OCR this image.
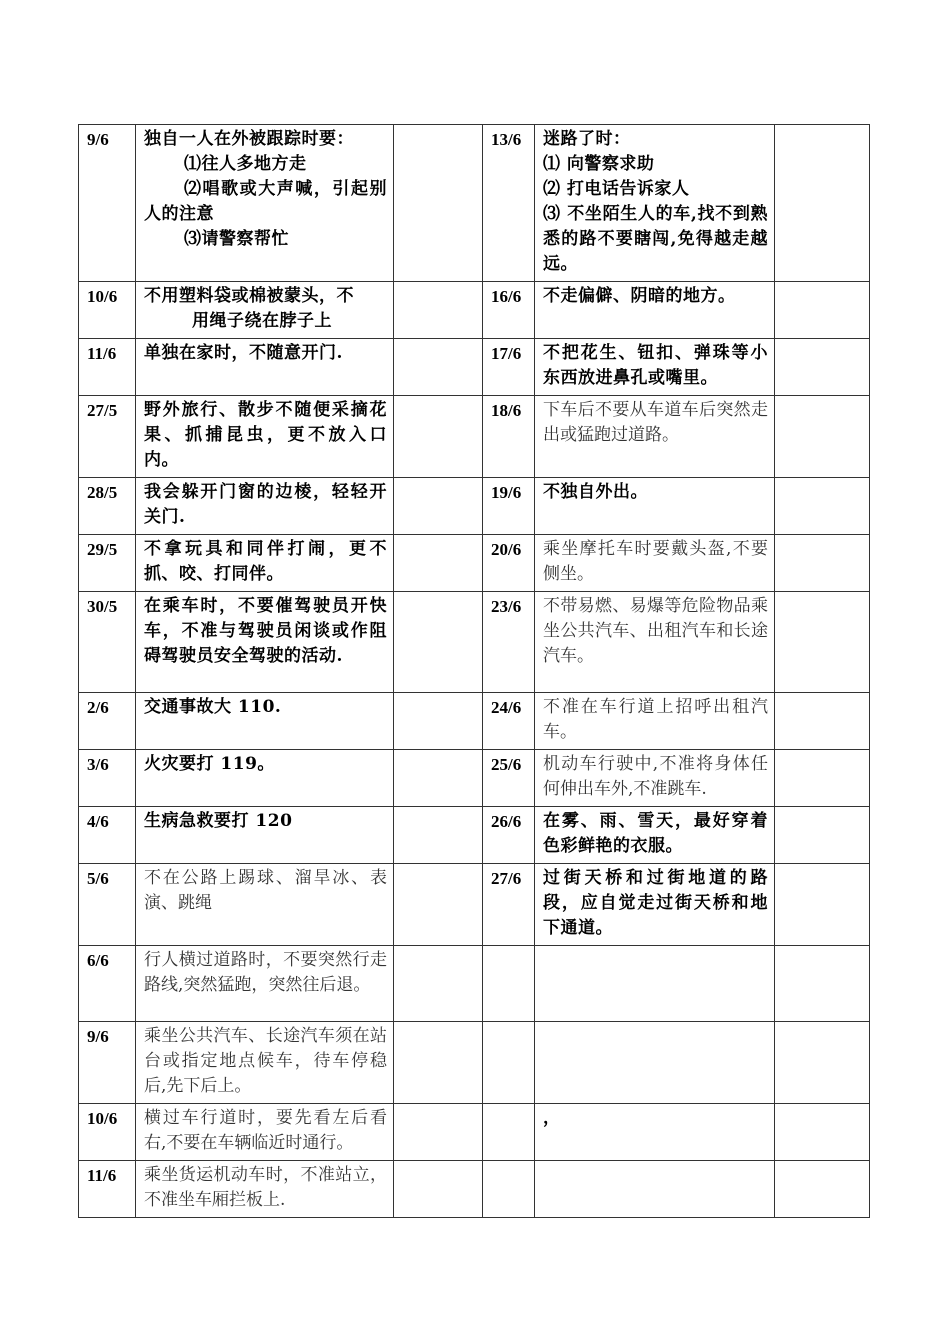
9/6	独自一人在外被跟踪时要：
⑴往人多地方走
⑵唱歌或大声喊，引起别人的注意
⑶请警察帮忙		13/6	迷路了时：
⑴ 向警察求助
⑵ 打电话告诉家人
⑶ 不坐陌生人的车,找不到熟悉的路不要瞎闯,免得越走越远。	

10/6	不用塑料袋或棉被蒙头，不
用绳子绕在脖子上		16/6	不走偏僻、阴暗的地方。	
11/6	单独在家时，不随意开门.		17/6	不把花生、钮扣、弹珠等小东西放进鼻孔或嘴里。	
27/5	野外旅行、散步不随便采摘花果、抓捕昆虫，更不放入口内。		18/6	下车后不要从车道车后突然走出或猛跑过道路。	
28/5	我会躲开门窗的边棱，轻轻开关门.		19/6	不独自外出。	
29/5	不拿玩具和同伴打闹，更不抓、咬、打同伴。		20/6	乘坐摩托车时要戴头盔,不要侧坐。	
30/5	在乘车时，不要催驾驶员开快车，不准与驾驶员闲谈或作阻碍驾驶员安全驾驶的活动.		23/6	不带易燃、易爆等危险物品乘坐公共汽车、出租汽车和长途汽车。	
2/6	交通事故大 110.		24/6	不准在车行道上招呼出租汽车。	
3/6	火灾要打 119。		25/6	机动车行驶中,不准将身体任何伸出车外,不准跳车.	
4/6	生病急救要打 120		26/6	在雾、雨、雪天，最好穿着色彩鲜艳的衣服。	
5/6	不在公路上踢球、溜旱冰、表演、跳绳		27/6	过街天桥和过街地道的路段，应自觉走过街天桥和地下通道。	
6/6	行人横过道路时，不要突然行走路线,突然猛跑，突然往后退。				
9/6	乘坐公共汽车、长途汽车须在站台或指定地点候车，待车停稳后,先下后上。				
10/6	横过车行道时，要先看左后看右,不要在车辆临近时通行。			，	
11/6	乘坐货运机动车时，不准站立，不准坐车厢拦板上.				
